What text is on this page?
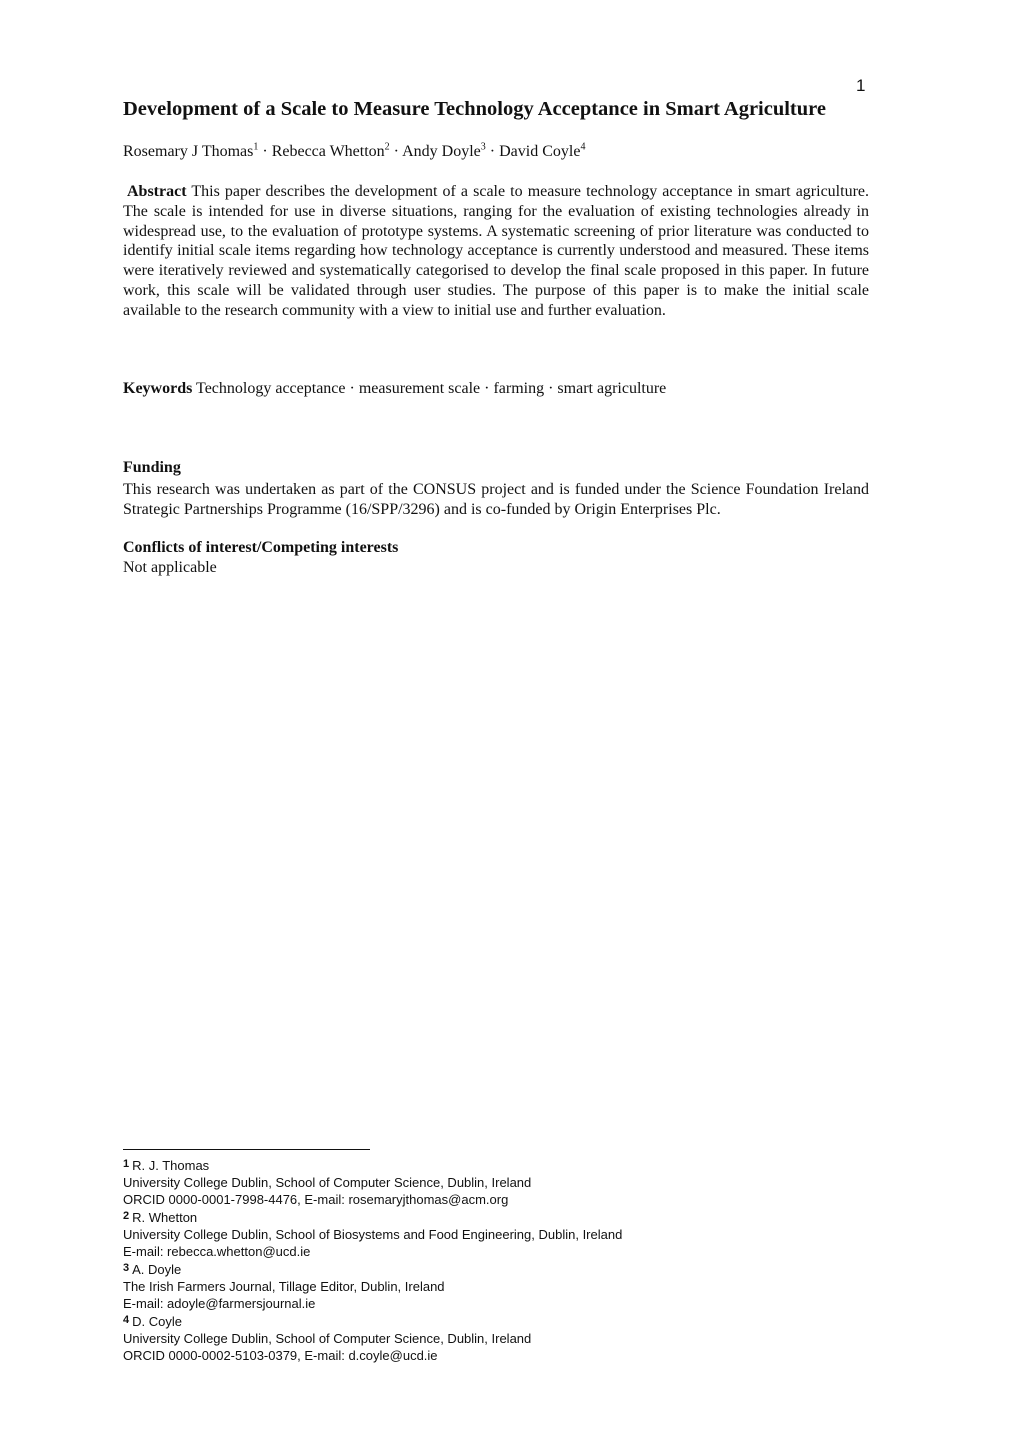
1
Development of a Scale to Measure Technology Acceptance in Smart Agriculture
Rosemary J Thomas$^1$ · Rebecca Whetton$^2$ · Andy Doyle$^3$ · David Coyle$^4$

Abstract This paper describes the development of a scale to measure technology acceptance in smart agriculture. The scale is intended for use in diverse situations, ranging for the evaluation of existing technologies already in widespread use, to the evaluation of prototype systems. A systematic screening of prior literature was conducted to identify initial scale items regarding how technology acceptance is currently understood and measured. These items were iteratively reviewed and systematically categorised to develop the final scale proposed in this paper. In future work, this scale will be validated through user studies. The purpose of this paper is to make the initial scale available to the research community with a view to initial use and further evaluation.

Keywords Technology acceptance · measurement scale · farming · smart agriculture
Funding

This research was undertaken as part of the CONSUS project and is funded under the Science Foundation Ireland Strategic Partnerships Programme (16/SPP/3296) and is co-funded by Origin Enterprises Plc.

Conflicts of interest/Competing interests
Not applicable
$^1$ R. J. Thomas
University College Dublin, School of Computer Science, Dublin, Ireland
ORCID 0000-0001-7998-4476, E-mail: rosemaryjthomas@acm.org
$^2$ R. Whetton
University College Dublin, School of Biosystems and Food Engineering, Dublin, Ireland
E-mail: rebecca.whetton@ucd.ie
$^3$ A. Doyle
The Irish Farmers Journal, Tillage Editor, Dublin, Ireland
E-mail: adoyle@farmersjournal.ie
$^4$ D. Coyle
University College Dublin, School of Computer Science, Dublin, Ireland
ORCID 0000-0002-5103-0379, E-mail: d.coyle@ucd.ie
